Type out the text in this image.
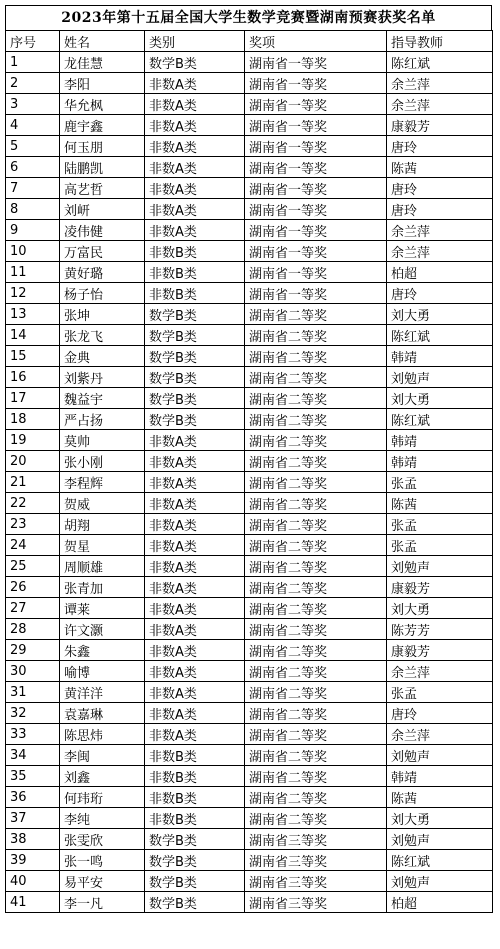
2023年第十五届全国大学生数学竞赛暨湖南预赛获奖名单
序号	姓名	类别	奖项	指导教师
1	龙佳慧	数学B类	湖南省一等奖	陈红斌
2	李阳	非数A类	湖南省一等奖	余兰萍
3	华允枫	非数A类	湖南省一等奖	余兰萍
4	鹿宇鑫	非数A类	湖南省一等奖	康毅芳
5	何玉朋	非数A类	湖南省一等奖	唐玲
6	陆鹏凯	非数A类	湖南省一等奖	陈茜
7	高艺哲	非数A类	湖南省一等奖	唐玲
8	刘岍	非数A类	湖南省一等奖	唐玲
9	凌伟健	非数A类	湖南省一等奖	余兰萍
10	万富民	非数B类	湖南省一等奖	余兰萍
11	黄好璐	非数B类	湖南省一等奖	柏超
12	杨子怡	非数B类	湖南省一等奖	唐玲
13	张坤	数学B类	湖南省二等奖	刘大勇
14	张龙飞	数学B类	湖南省二等奖	陈红斌
15	金典	数学B类	湖南省二等奖	韩靖
16	刘紫丹	数学B类	湖南省二等奖	刘勉声
17	魏益宇	数学B类	湖南省二等奖	刘大勇
18	严占扬	数学B类	湖南省二等奖	陈红斌
19	莫帅	非数A类	湖南省二等奖	韩靖
20	张小刚	非数A类	湖南省二等奖	韩靖
21	李程辉	非数A类	湖南省二等奖	张孟
22	贺威	非数A类	湖南省二等奖	陈茜
23	胡翔	非数A类	湖南省二等奖	张孟
24	贺星	非数A类	湖南省二等奖	张孟
25	周顺雄	非数A类	湖南省二等奖	刘勉声
26	张青加	非数A类	湖南省二等奖	康毅芳
27	谭莱	非数A类	湖南省二等奖	刘大勇
28	许文灏	非数A类	湖南省二等奖	陈芳芳
29	朱鑫	非数A类	湖南省二等奖	康毅芳
30	喻博	非数A类	湖南省二等奖	余兰萍
31	黄洋洋	非数A类	湖南省二等奖	张孟
32	袁嘉琳	非数A类	湖南省二等奖	唐玲
33	陈思炜	非数A类	湖南省二等奖	余兰萍
34	李闽	非数B类	湖南省二等奖	刘勉声
35	刘鑫	非数B类	湖南省二等奖	韩靖
36	何玮珩	非数B类	湖南省二等奖	陈茜
37	李纯	非数B类	湖南省二等奖	刘大勇
38	张雯欣	数学B类	湖南省三等奖	刘勉声
39	张一鸣	数学B类	湖南省三等奖	陈红斌
40	易平安	数学B类	湖南省三等奖	刘勉声
41	李一凡	数学B类	湖南省三等奖	柏超
